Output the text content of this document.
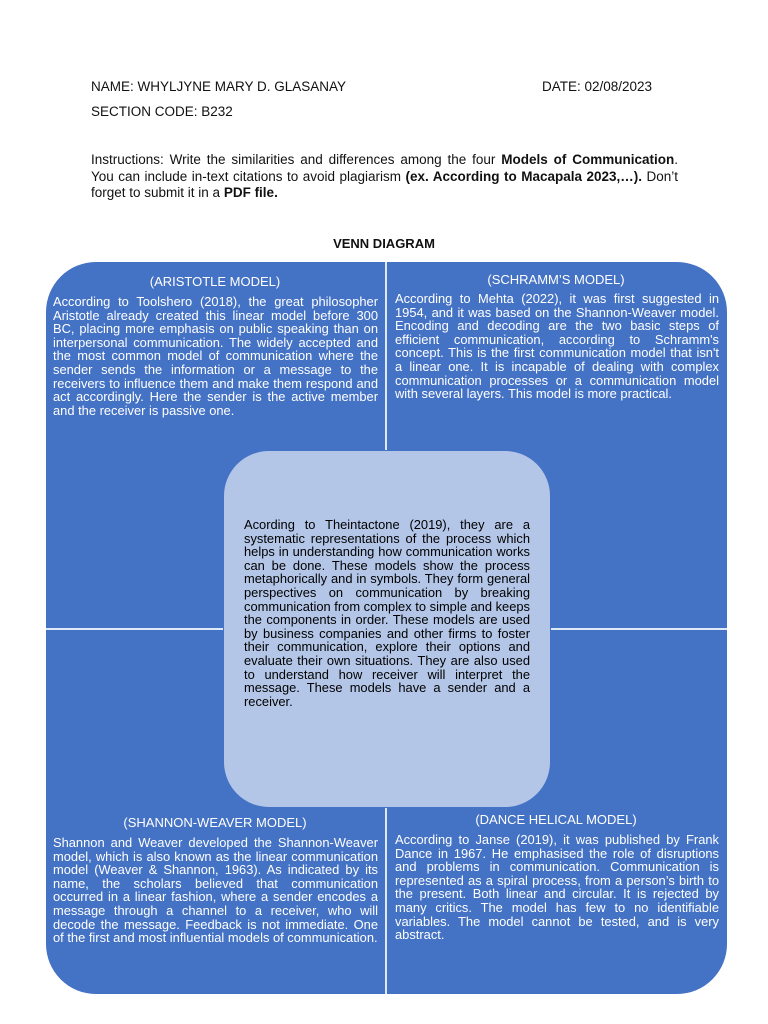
NAME: WHYLJYNE MARY D. GLASANAY	DATE: 02/08/2023
SECTION CODE: B232
Instructions: Write the similarities and differences among the four Models of Communication. You can include in-text citations to avoid plagiarism (ex. According to Macapala 2023,…). Don’t forget to submit it in a PDF file.
VENN DIAGRAM
(ARISTOTLE MODEL)
According to Toolshero (2018), the great philosopher Aristotle already created this linear model before 300 BC, placing more emphasis on public speaking than on interpersonal communication. The widely accepted and the most common model of communication where the sender sends the information or a message to the receivers to influence them and make them respond and act accordingly. Here the sender is the active member and the receiver is passive one.
(SCHRAMM’S MODEL)
According to Mehta (2022), it was first suggested in 1954, and it was based on the Shannon-Weaver model. Encoding and decoding are the two basic steps of efficient communication, according to Schramm's concept. This is the first communication model that isn't a linear one. It is incapable of dealing with complex communication processes or a communication model with several layers. This model is more practical.
(SHANNON-WEAVER MODEL)
Shannon and Weaver developed the Shannon-Weaver model, which is also known as the linear communication model (Weaver & Shannon, 1963). As indicated by its name, the scholars believed that communication occurred in a linear fashion, where a sender encodes a message through a channel to a receiver, who will decode the message. Feedback is not immediate. One of the first and most influential models of communication.
(DANCE HELICAL MODEL)
According to Janse (2019), it was published by Frank Dance in 1967. He emphasised the role of disruptions and problems in communication. Communication is represented as a spiral process, from a person’s birth to the present. Both linear and circular. It is rejected by many critics. The model has few to no identifiable variables. The model cannot be tested, and is very abstract.
Acording to Theintactone (2019), they are a systematic representations of the process which helps in understanding how communication works can be done. These models show the process metaphorically and in symbols. They form general perspectives on communication by breaking communication from complex to simple and keeps the components in order. These models are used by business companies and other firms to foster their communication, explore their options and evaluate their own situations. They are also used to understand how receiver will interpret the message. These models have a sender and a receiver.
